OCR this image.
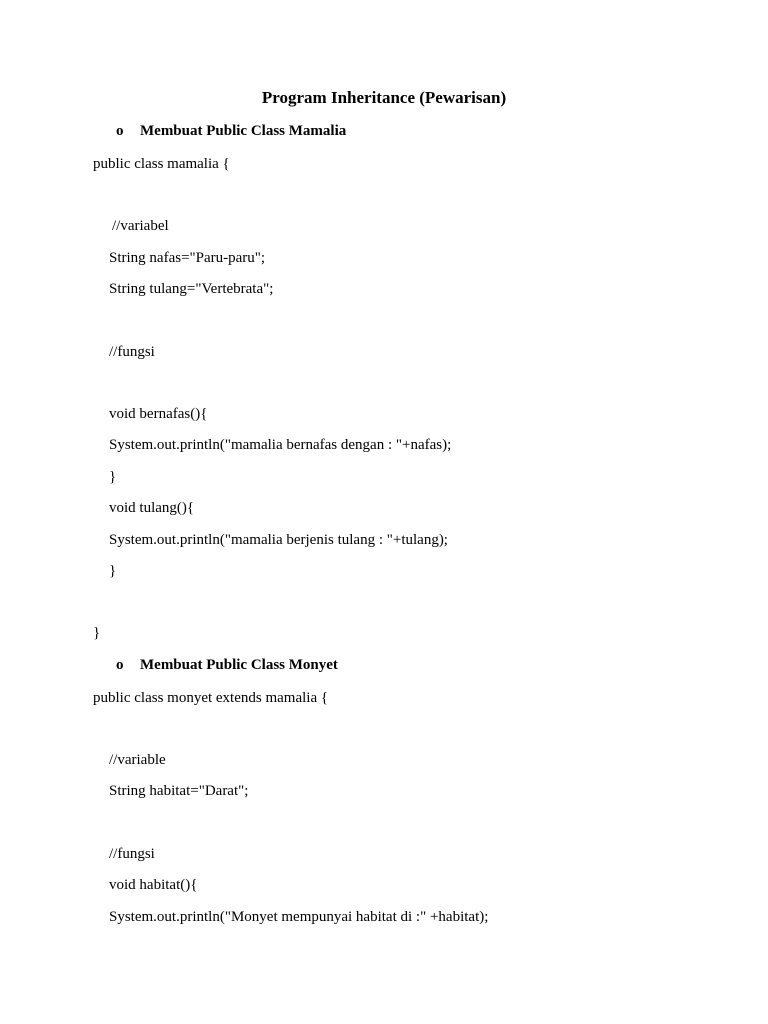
Program Inheritance (Pewarisan)
o Membuat Public Class Mamalia
public class mamalia {
//variabel
String nafas="Paru-paru";
String tulang="Vertebrata";
//fungsi
void bernafas(){
System.out.println("mamalia bernafas dengan : "+nafas);
}
void tulang(){
System.out.println("mamalia berjenis tulang : "+tulang);
}
}
o Membuat Public Class Monyet
public class monyet extends mamalia {
//variable
String habitat="Darat";
//fungsi
void habitat(){
System.out.println("Monyet mempunyai habitat di :" +habitat);
